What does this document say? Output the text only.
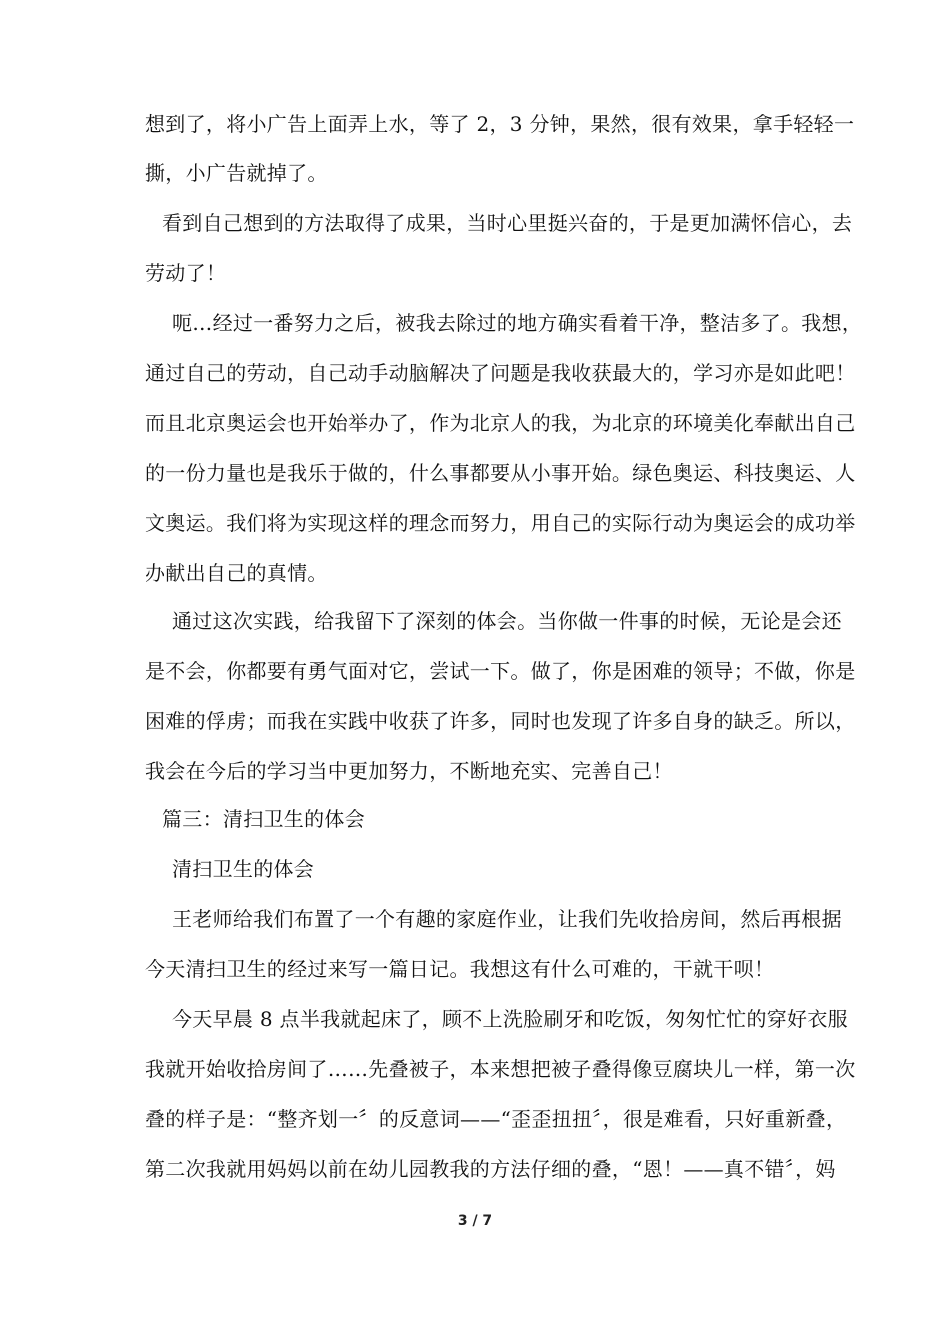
想到了，将小广告上面弄上水，等了 2，3 分钟，果然，很有效果，拿手轻轻一
撕，小广告就掉了。
看到自己想到的方法取得了成果，当时心里挺兴奋的，于是更加满怀信心，去
劳动了！
呃…经过一番努力之后，被我去除过的地方确实看着干净，整洁多了。我想，
通过自己的劳动，自己动手动脑解决了问题是我收获最大的，学习亦是如此吧！
而且北京奥运会也开始举办了，作为北京人的我，为北京的环境美化奉献出自己
的一份力量也是我乐于做的，什么事都要从小事开始。绿色奥运、科技奥运、人
文奥运。我们将为实现这样的理念而努力，用自己的实际行动为奥运会的成功举
办献出自己的真情。
通过这次实践，给我留下了深刻的体会。当你做一件事的时候，无论是会还
是不会，你都要有勇气面对它，尝试一下。做了，你是困难的领导；不做，你是
困难的俘虏；而我在实践中收获了许多，同时也发现了许多自身的缺乏。所以，
我会在今后的学习当中更加努力，不断地充实、完善自己！
篇三：清扫卫生的体会
清扫卫生的体会
王老师给我们布置了一个有趣的家庭作业，让我们先收拾房间，然后再根据
今天清扫卫生的经过来写一篇日记。我想这有什么可难的，干就干呗！
今天早晨 8 点半我就起床了，顾不上洗脸刷牙和吃饭，匆匆忙忙的穿好衣服
我就开始收拾房间了……先叠被子，本来想把被子叠得像豆腐块儿一样，第一次
叠的样子是：“整齐划一〞的反意词——“歪歪扭扭〞，很是难看，只好重新叠，
第二次我就用妈妈以前在幼儿园教我的方法仔细的叠，“恩！——真不错〞，妈
3 / 7
